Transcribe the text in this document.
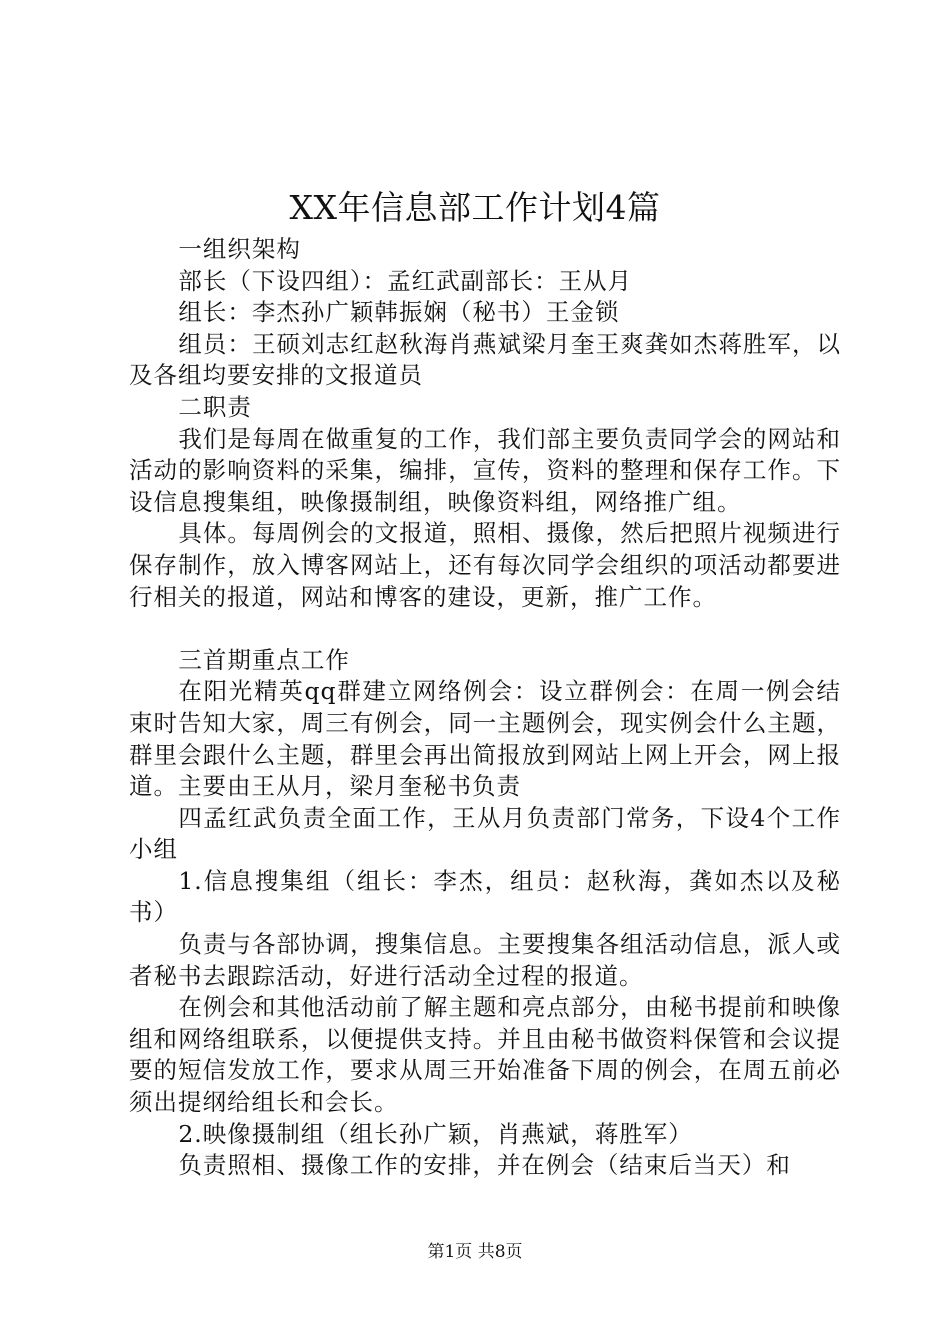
XX年信息部工作计划4篇

一组织架构

部长（下设四组）：孟红武副部长：王从月

组长：李杰孙广颖韩振娴（秘书）王金锁

组员：王硕刘志红赵秋海肖燕斌梁月奎王爽龚如杰蒋胜军，以及各组均要安排的文报道员

二职责

我们是每周在做重复的工作，我们部主要负责同学会的网站和活动的影响资料的采集，编排，宣传，资料的整理和保存工作。下设信息搜集组，映像摄制组，映像资料组，网络推广组。

具体。每周例会的文报道，照相、摄像，然后把照片视频进行保存制作，放入博客网站上，还有每次同学会组织的项活动都要进行相关的报道，网站和博客的建设，更新，推广工作。

三首期重点工作

在阳光精英qq群建立网络例会：设立群例会：在周一例会结束时告知大家，周三有例会，同一主题例会，现实例会什么主题，群里会跟什么主题，群里会再出简报放到网站上网上开会，网上报道。主要由王从月，梁月奎秘书负责

四孟红武负责全面工作，王从月负责部门常务，下设4个工作小组

1.信息搜集组（组长：李杰，组员：赵秋海，龚如杰以及秘书）

负责与各部协调，搜集信息。主要搜集各组活动信息，派人或者秘书去跟踪活动，好进行活动全过程的报道。

在例会和其他活动前了解主题和亮点部分，由秘书提前和映像组和网络组联系，以便提供支持。并且由秘书做资料保管和会议提要的短信发放工作，要求从周三开始准备下周的例会，在周五前必须出提纲给组长和会长。

2.映像摄制组（组长孙广颖，肖燕斌，蒋胜军）

负责照相、摄像工作的安排，并在例会（结束后当天）和

第1页 共8页
